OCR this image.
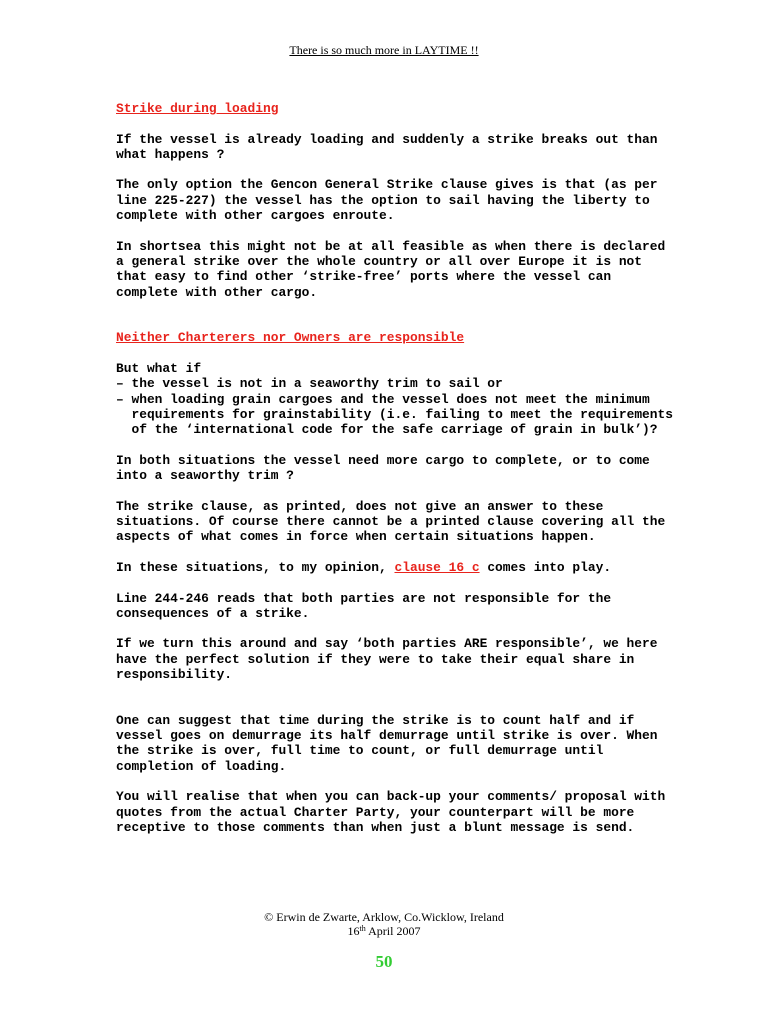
There is so much more in LAYTIME !!

Strike during loading

If the vessel is already loading and suddenly a strike breaks out than what happens ?

The only option the Gencon General Strike clause gives is that (as per line 225-227) the vessel has the option to sail having the liberty to complete with other cargoes enroute.

In shortsea this might not be at all feasible as when there is declared a general strike over the whole country or all over Europe it is not that easy to find other ‘strike-free’ ports where the vessel can complete with other cargo.

Neither Charterers nor Owners are responsible

But what if
– the vessel is not in a seaworthy trim to sail or
– when loading grain cargoes and the vessel does not meet the minimum requirements for grainstability (i.e. failing to meet the requirements of the ‘international code for the safe carriage of grain in bulk’)?

In both situations the vessel need more cargo to complete, or to come into a seaworthy trim ?

The strike clause, as printed, does not give an answer to these situations. Of course there cannot be a printed clause covering all the aspects of what comes in force when certain situations happen.

In these situations, to my opinion, clause 16 c comes into play.

Line 244-246 reads that both parties are not responsible for the consequences of a strike.

If we turn this around and say ‘both parties ARE responsible’, we here have the perfect solution if they were to take their equal share in responsibility.

One can suggest that time during the strike is to count half and if vessel goes on demurrage its half demurrage until strike is over. When the strike is over, full time to count, or full demurrage until completion of loading.

You will realise that when you can back-up your comments/ proposal with quotes from the actual Charter Party, your counterpart will be more receptive to those comments than when just a blunt message is send.

© Erwin de Zwarte, Arklow, Co.Wicklow, Ireland
16th April 2007
50
